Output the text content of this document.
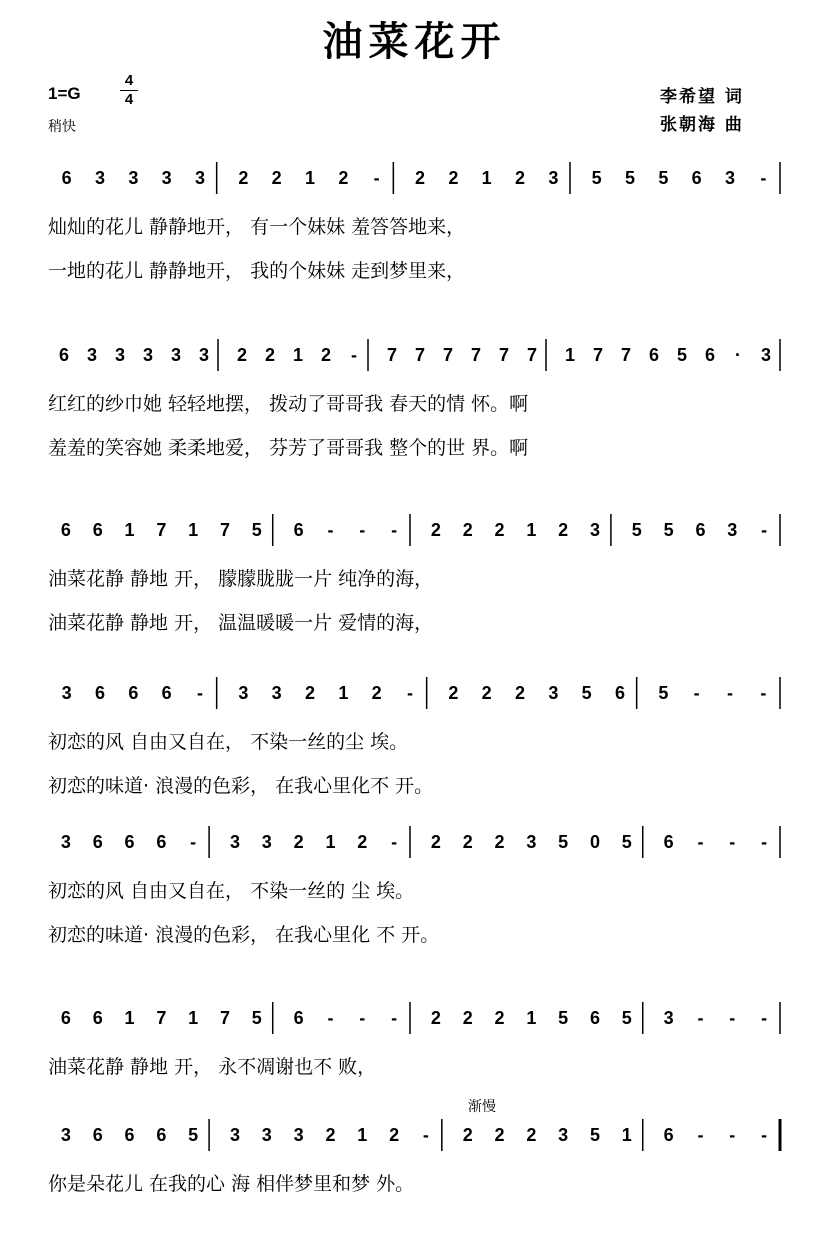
油菜花开
1=G	$\frac{4}{4}$
稍快
李希望 词
张朝海 曲
渐慢
6 3 3 3 3 2 2 1 2 - 2 2 1 2 3 5 5 5 6 3 -
灿灿的花儿 静静地开， 有一个妹妹 羞答答地来，
一地的花儿 静静地开， 我的个妹妹 走到梦里来，
6 3 3 3 3 3 2 2 1 2 - 7 7 7 7 7 7 1 7 7 6 5 6 · 3
红红的纱巾她 轻轻地摆， 拨动了哥哥我 春天的情 怀。啊
羞羞的笑容她 柔柔地爱， 芬芳了哥哥我 整个的世 界。啊
6 6 1 7 1 7 5 6 - - - 2 2 2 1 2 3 5 5 6 3 -
油菜花静 静地 开， 朦朦胧胧一片 纯净的海，
油菜花静 静地 开， 温温暖暖一片 爱情的海，
3 6 6 6 - 3 3 2 1 2 - 2 2 2 3 5 6 5 - - -
初恋的风 自由又自在， 不染一丝的尘 埃。
初恋的味道· 浪漫的色彩， 在我心里化不 开。
3 6 6 6 - 3 3 2 1 2 - 2 2 2 3 5 0 5 6 - - -
初恋的风 自由又自在， 不染一丝的 尘 埃。
初恋的味道· 浪漫的色彩， 在我心里化 不 开。
6 6 1 7 1 7 5 6 - - - 2 2 2 1 5 6 5 3 - - -
油菜花静 静地 开， 永不凋谢也不 败，
3 6 6 6 5 3 3 3 2 1 2 - 2 2 2 3 5 1 6 - - -
你是朵花儿 在我的心 海 相伴梦里和梦 外。
